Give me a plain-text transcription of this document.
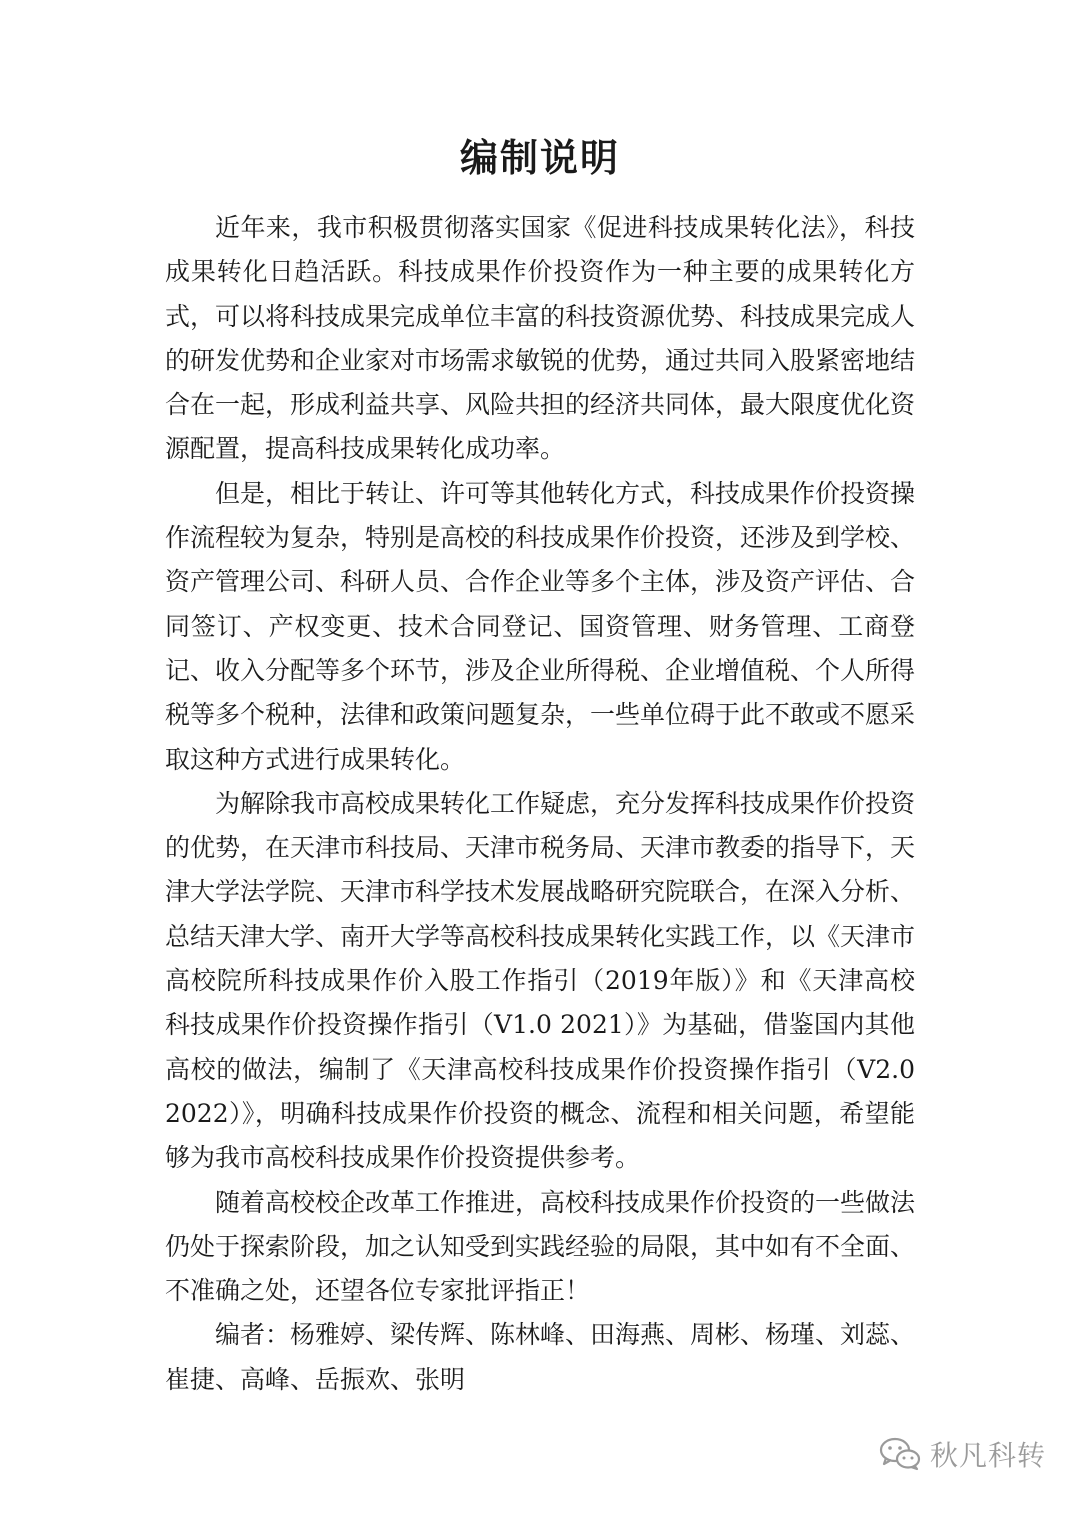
编制说明

近年来，我市积极贯彻落实国家《促进科技成果转化法》，科技成果转化日趋活跃。科技成果作价投资作为一种主要的成果转化方式，可以将科技成果完成单位丰富的科技资源优势、科技成果完成人的研发优势和企业家对市场需求敏锐的优势，通过共同入股紧密地结合在一起，形成利益共享、风险共担的经济共同体，最大限度优化资源配置，提高科技成果转化成功率。

但是，相比于转让、许可等其他转化方式，科技成果作价投资操作流程较为复杂，特别是高校的科技成果作价投资，还涉及到学校、资产管理公司、科研人员、合作企业等多个主体，涉及资产评估、合同签订、产权变更、技术合同登记、国资管理、财务管理、工商登记、收入分配等多个环节，涉及企业所得税、企业增值税、个人所得税等多个税种，法律和政策问题复杂，一些单位碍于此不敢或不愿采取这种方式进行成果转化。

为解除我市高校成果转化工作疑虑，充分发挥科技成果作价投资的优势，在天津市科技局、天津市税务局、天津市教委的指导下，天津大学法学院、天津市科学技术发展战略研究院联合，在深入分析、总结天津大学、南开大学等高校科技成果转化实践工作，以《天津市高校院所科技成果作价入股工作指引（2019年版）》和《天津高校科技成果作价投资操作指引（V1.0 2021）》为基础，借鉴国内其他高校的做法，编制了《天津高校科技成果作价投资操作指引（V2.0 2022）》，明确科技成果作价投资的概念、流程和相关问题，希望能够为我市高校科技成果作价投资提供参考。

随着高校校企改革工作推进，高校科技成果作价投资的一些做法仍处于探索阶段，加之认知受到实践经验的局限，其中如有不全面、不准确之处，还望各位专家批评指正！

编者：杨雅婷、梁传辉、陈林峰、田海燕、周彬、杨瑾、刘蕊、崔捷、高峰、岳振欢、张明

秋凡科转
